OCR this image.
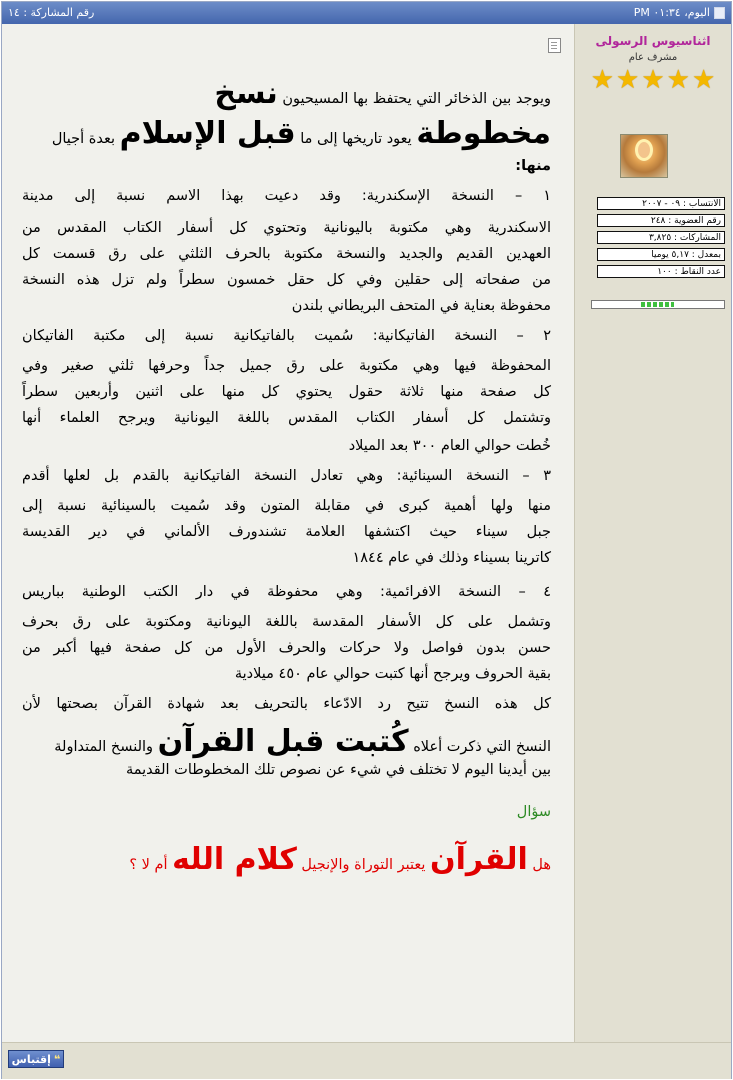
اليوم، ٠١:٣٤ PM
رقم المشاركة : ١٤
ويوجد بين الذخائر التي يحتفظ بها المسيحيون نسخ
مخطوطة يعود تاريخها إلى ما قبل الإسلام بعدة أجيال
منها:
١ – النسخة الإسكندرية: وقد دعيت بهذا الاسم نسبة إلى مدينة
الاسكندرية وهي مكتوبة باليونانية وتحتوي كل أسفار الكتاب المقدس من
العهدين القديم والجديد والنسخة مكتوبة بالحرف الثلثي على رق قسمت كل
من صفحاته إلى حقلين وفي كل حقل خمسون سطراً ولم تزل هذه النسخة
محفوظة بعناية في المتحف البريطاني بلندن
٢ – النسخة الفاتيكانية: سُميت بالفاتيكانية نسبة إلى مكتبة الفاتيكان
المحفوظة فيها وهي مكتوبة على رق جميل جداً وحرفها ثلثي صغير وفي
كل صفحة منها ثلاثة حقول يحتوي كل منها على اثنين وأربعين سطراً
وتشتمل كل أسفار الكتاب المقدس باللغة اليونانية ويرجح العلماء أنها
خُطت حوالي العام ٣٠٠ بعد الميلاد
٣ – النسخة السينائية: وهي تعادل النسخة الفاتيكانية بالقدم بل لعلها أقدم
منها ولها أهمية كبرى في مقابلة المتون وقد سُميت بالسينائية نسبة إلى
جبل سيناء حيث اكتشفها العلامة تشندورف الألماني في دير القديسة
كاترينا بسيناء وذلك في عام ١٨٤٤
٤ – النسخة الافرائمية: وهي محفوظة في دار الكتب الوطنية بباريس
وتشمل على كل الأسفار المقدسة باللغة اليونانية ومكتوبة على رق بحرف
حسن بدون فواصل ولا حركات والحرف الأول من كل صفحة فيها أكبر من
بقية الحروف ويرجح أنها كتبت حوالي عام ٤٥٠ ميلادية
كل هذه النسخ تتيح رد الادّعاء بالتحريف بعد شهادة القرآن بصحتها لأن
النسخ التي ذكرت أعلاه كُتبت قبل القرآن والنسخ المتداولة
بين أيدينا اليوم لا تختلف في شيء عن نصوص تلك المخطوطات القديمة
سؤال
هل القرآن يعتبر التوراة والإنجيل كلام الله أم لا ؟
اثناسيوس الرسولى
مشرف عام
★★★★★
الانتساب : ٠٩ - ٢٠٠٧
رقم العضوية : ٢٤٨
المشاركات : ٣,٨٢٥
بمعدل : ٥,١٧ يوميا
عدد النقاط : ١٠٠
❝
إقتباس
